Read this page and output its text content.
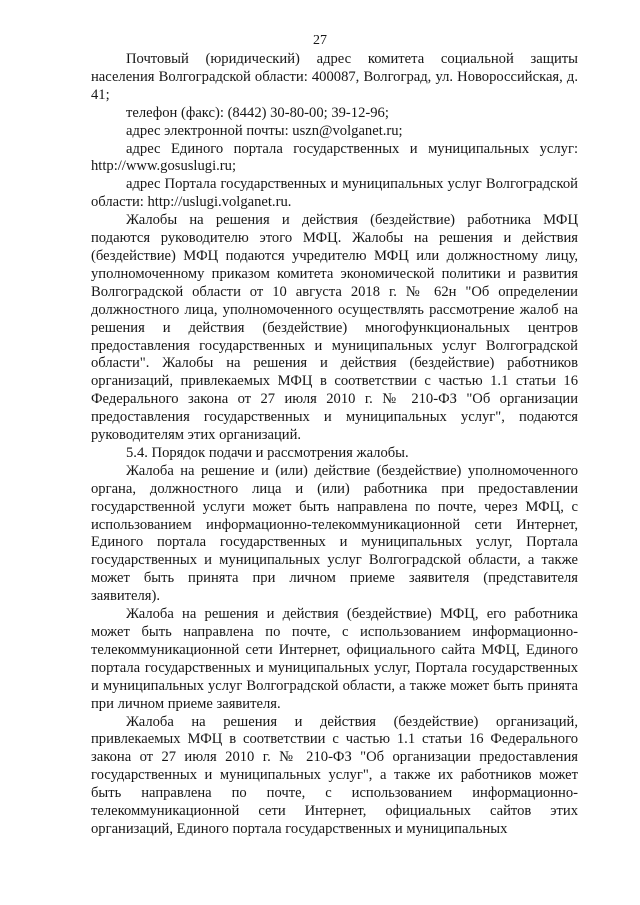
27

Почтовый (юридический) адрес комитета социальной защиты населения Волгоградской области: 400087, Волгоград, ул. Новороссийская, д. 41;

телефон (факс): (8442) 30-80-00; 39-12-96;

адрес электронной почты: uszn@volganet.ru;

адрес Единого портала государственных и муниципальных услуг: http://www.gosuslugi.ru;

адрес Портала государственных и муниципальных услуг Волгоградской области: http://uslugi.volganet.ru.

Жалобы на решения и действия (бездействие) работника МФЦ подаются руководителю этого МФЦ. Жалобы на решения и действия (бездействие) МФЦ подаются учредителю МФЦ или должностному лицу, уполномоченному приказом комитета экономической политики и развития Волгоградской области от 10 августа 2018 г. № 62н "Об определении должностного лица, уполномоченного осуществлять рассмотрение жалоб на решения и действия (бездействие) многофункциональных центров предоставления государственных и муниципальных услуг Волгоградской области". Жалобы на решения и действия (бездействие) работников организаций, привлекаемых МФЦ в соответствии с частью 1.1 статьи 16 Федерального закона от 27 июля 2010 г. № 210-ФЗ "Об организации предоставления государственных и муниципальных услуг", подаются руководителям этих организаций.

5.4. Порядок подачи и рассмотрения жалобы.

Жалоба на решение и (или) действие (бездействие) уполномоченного органа, должностного лица и (или) работника при предоставлении государственной услуги может быть направлена по почте, через МФЦ, с использованием информационно-телекоммуникационной сети Интернет, Единого портала государственных и муниципальных услуг, Портала государственных и муниципальных услуг Волгоградской области, а также может быть принята при личном приеме заявителя (представителя заявителя).

Жалоба на решения и действия (бездействие) МФЦ, его работника может быть направлена по почте, с использованием информационно-телекоммуникационной сети Интернет, официального сайта МФЦ, Единого портала государственных и муниципальных услуг, Портала государственных и муниципальных услуг Волгоградской области, а также может быть принята при личном приеме заявителя.

Жалоба на решения и действия (бездействие) организаций, привлекаемых МФЦ в соответствии с частью 1.1 статьи 16 Федерального закона от 27 июля 2010 г. № 210-ФЗ "Об организации предоставления государственных и муниципальных услуг", а также их работников может быть направлена по почте, с использованием информационно-телекоммуникационной сети Интернет, официальных сайтов этих организаций, Единого портала государственных и муниципальных
